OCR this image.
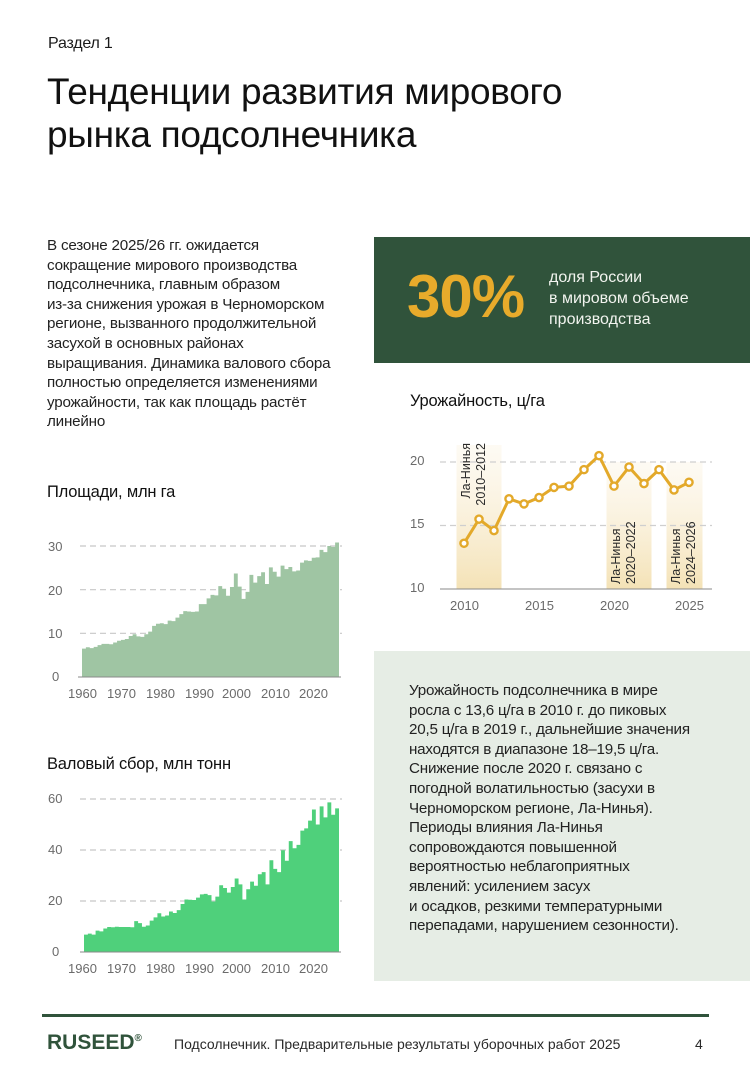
Раздел 1
Тенденции развития мирового
рынка подсолнечника
В сезоне 2025/26 гг. ожидается
сокращение мирового производства
подсолнечника, главным образом
из-за снижения урожая в Черноморском
регионе, вызванного продолжительной
засухой в основных районах
выращивания. Динамика валового сбора
полностью определяется изменениями
урожайности, так как площадь растёт
линейно
30% доля России
в мировом объеме
производства
Урожайность, ц/га
Ла-Нинья2010–2012
Ла-Нинья2020–2022 Ла-Нинья2024–2026
20
15
10
2010	2015	2020	2025
Площади, млн га
30
20
10
0
1960 1970 1980 1990 2000 2010 2020
Валовый сбор, млн тонн
60
40
20
0
1960 1970 1980 1990 2000 2010 2020
Урожайность подсолнечника в мире
росла с 13,6 ц/га в 2010 г. до пиковых
20,5 ц/га в 2019 г., дальнейшие значения
находятся в диапазоне 18–19,5 ц/га.
Снижение после 2020 г. связано с
погодной волатильностью (засухи в
Черноморском регионе, Ла-Нинья).
Периоды влияния Ла-Нинья
сопровождаются повышенной
вероятностью неблагоприятных
явлений: усилением засух
и осадков, резкими температурными
перепадами, нарушением сезонности).
RUSEED® Подсолнечник. Предварительные результаты уборочных работ 2025	4
